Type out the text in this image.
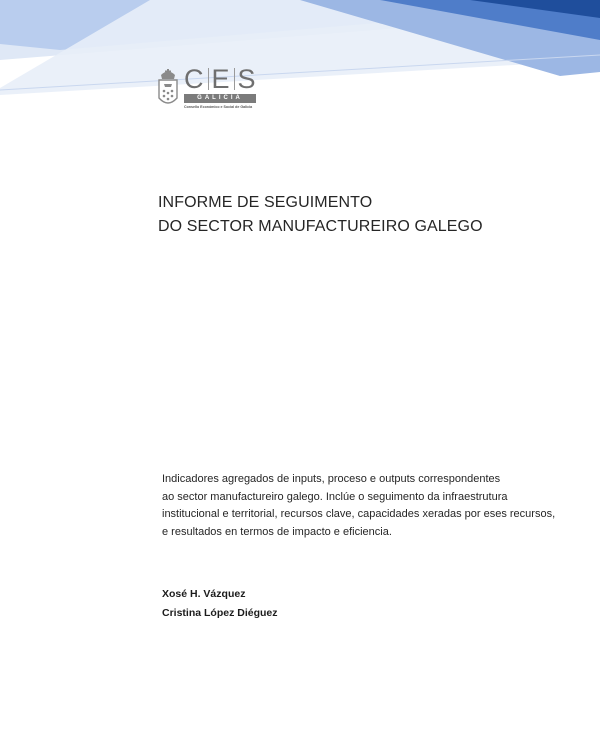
C E S
GALICIA
Consello Económico e Social de Galicia
INFORME DE SEGUIMENTO
DO SECTOR MANUFACTUREIRO GALEGO
Indicadores agregados de inputs, proceso e outputs correspondentes
ao sector manufactureiro galego. Inclúe o seguimento da infraestrutura
institucional e territorial, recursos clave, capacidades xeradas por eses recursos,
e resultados en termos de impacto e eficiencia.
Xosé H. Vázquez
Cristina López Diéguez
